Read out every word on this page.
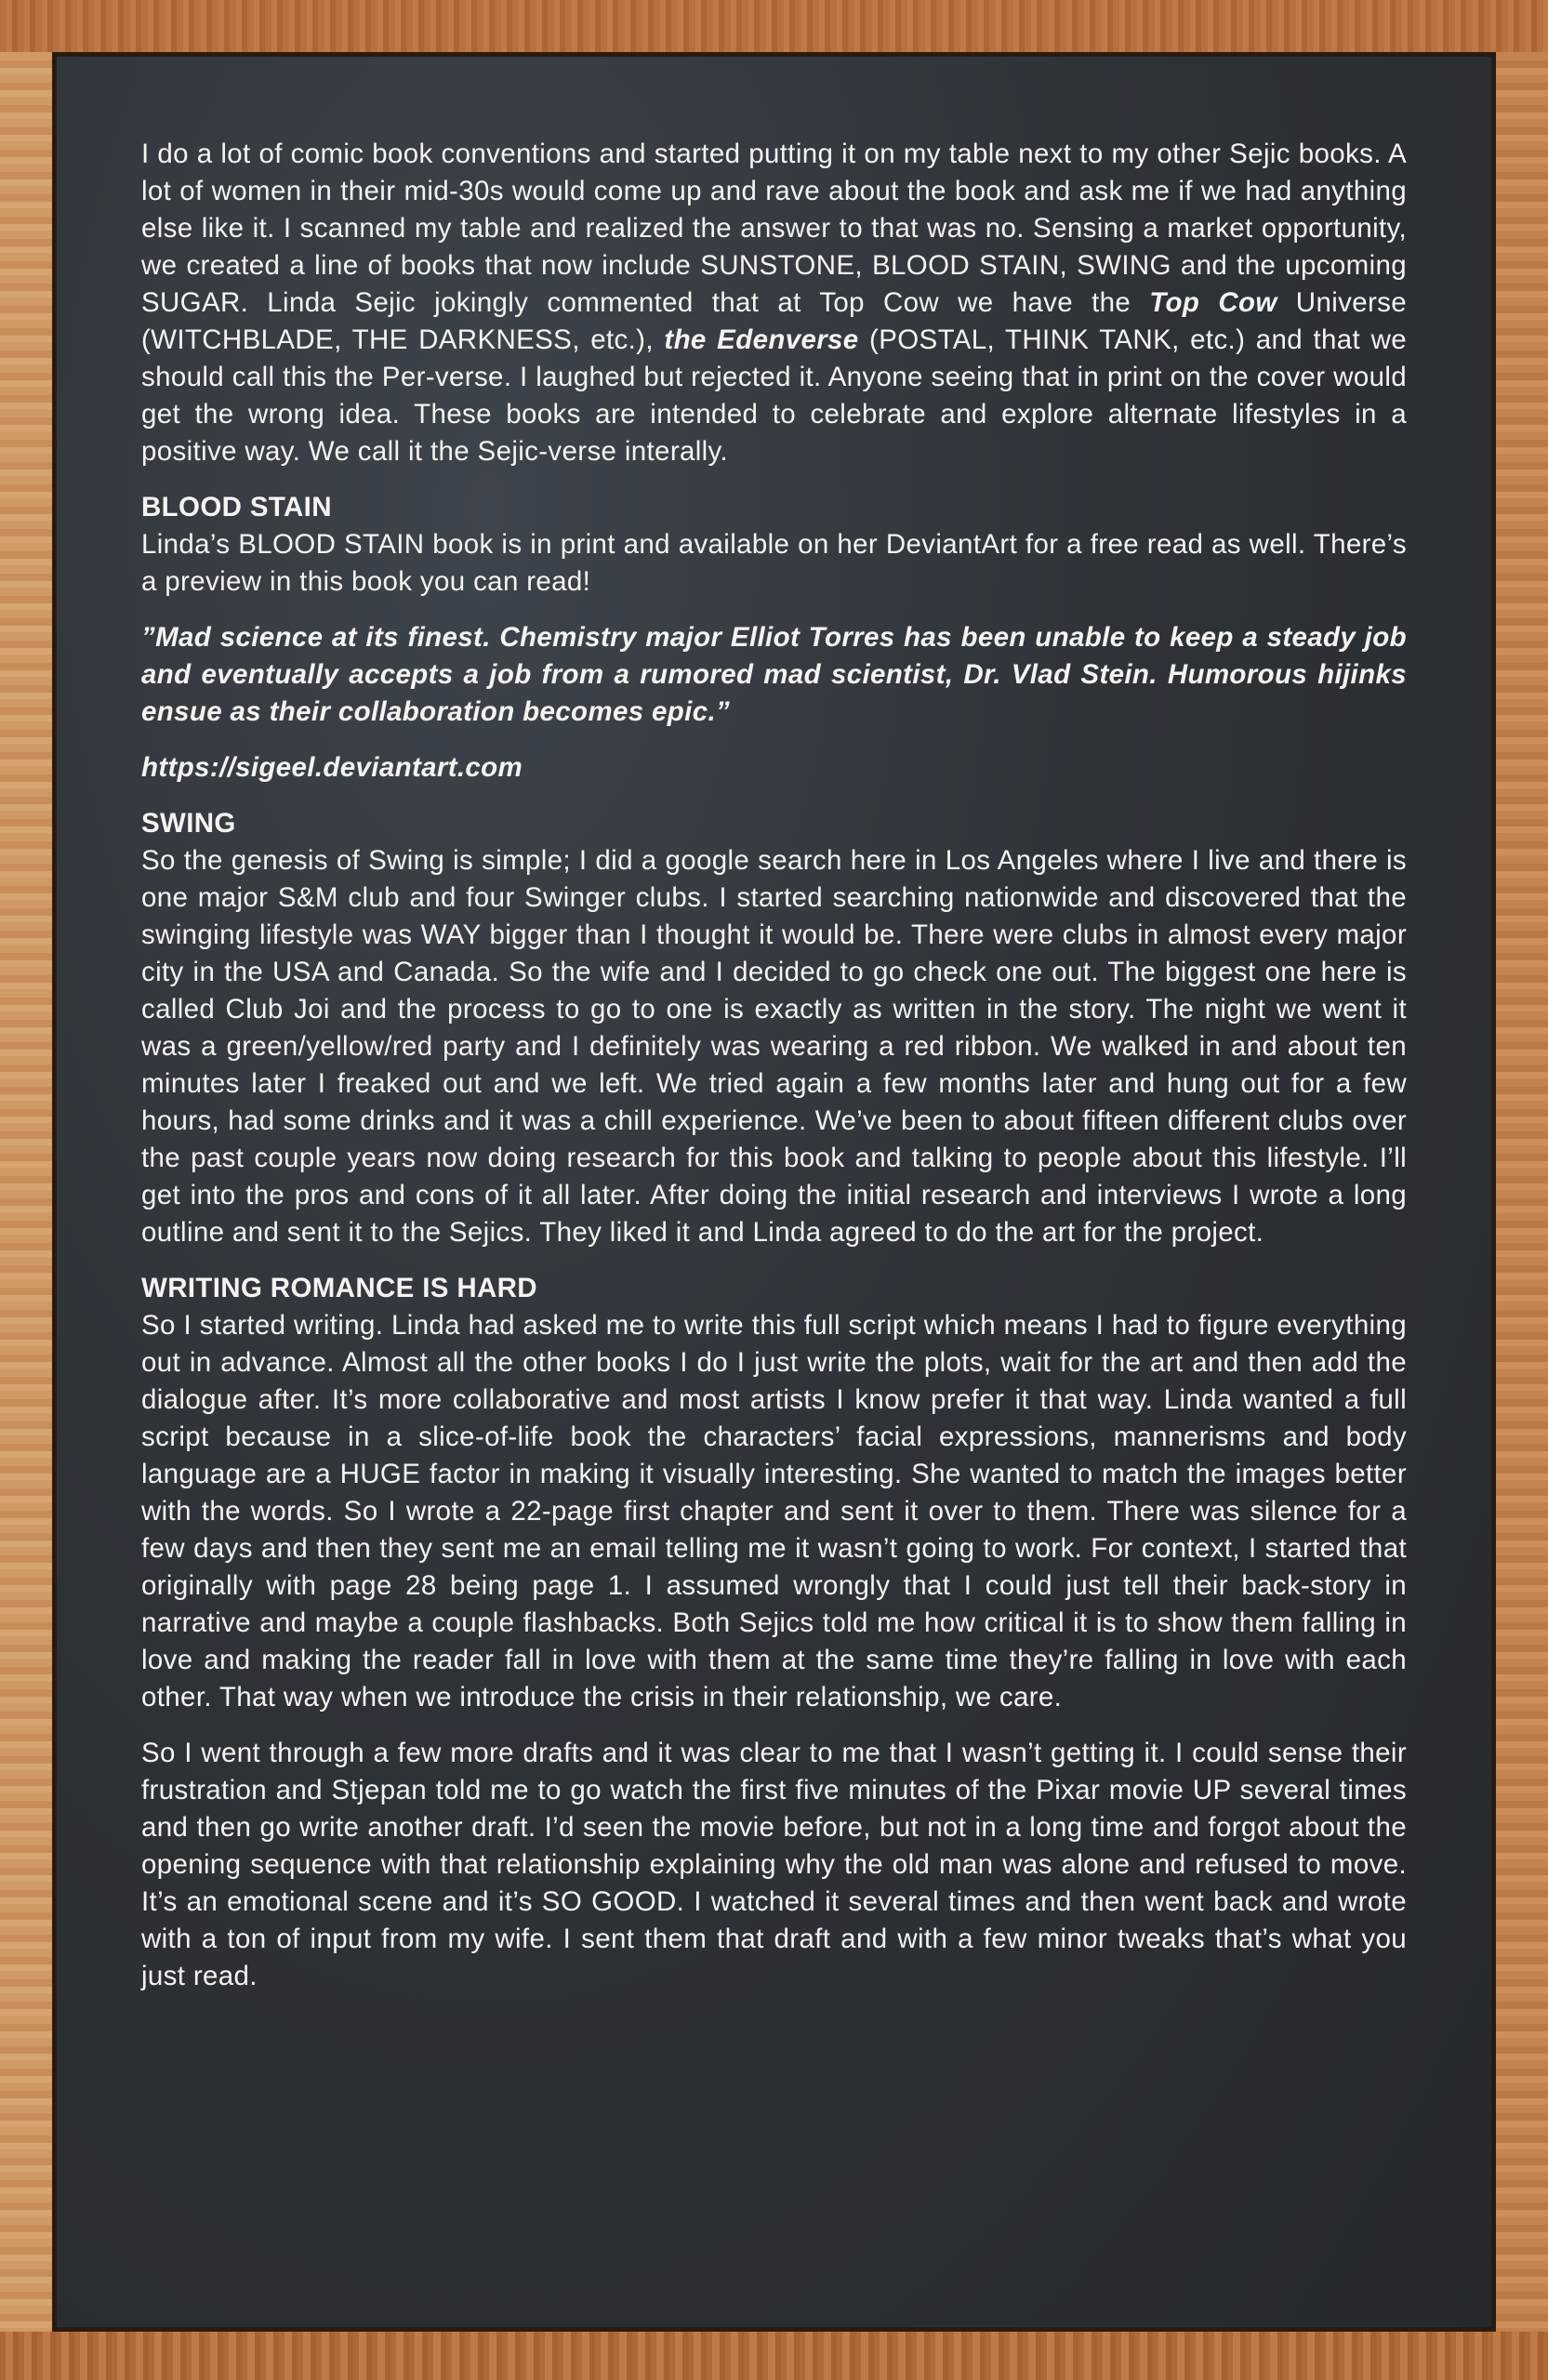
I do a lot of comic book conventions and started putting it on my table next to my other Sejic books. A lot of women in their mid-30s would come up and rave about the book and ask me if we had anything else like it. I scanned my table and realized the answer to that was no. Sensing a market opportunity, we created a line of books that now include SUNSTONE, BLOOD STAIN, SWING and the upcoming SUGAR. Linda Sejic jokingly commented that at Top Cow we have the Top Cow Universe (WITCHBLADE, THE DARKNESS, etc.), the Edenverse (POSTAL, THINK TANK, etc.) and that we should call this the Per-verse. I laughed but rejected it. Anyone seeing that in print on the cover would get the wrong idea. These books are intended to celebrate and explore alternate lifestyles in a positive way. We call it the Sejic-verse interally.

BLOOD STAIN

Linda’s BLOOD STAIN book is in print and available on her DeviantArt for a free read as well. There’s a preview in this book you can read!

”Mad science at its finest. Chemistry major Elliot Torres has been unable to keep a steady job and eventually accepts a job from a rumored mad scientist, Dr. Vlad Stein. Humorous hijinks ensue as their collaboration becomes epic.”

https://sigeel.deviantart.com

SWING

So the genesis of Swing is simple; I did a google search here in Los Angeles where I live and there is one major S&M club and four Swinger clubs. I started searching nationwide and discovered that the swinging lifestyle was WAY bigger than I thought it would be. There were clubs in almost every major city in the USA and Canada. So the wife and I decided to go check one out. The biggest one here is called Club Joi and the process to go to one is exactly as written in the story. The night we went it was a green/yellow/red party and I definitely was wearing a red ribbon. We walked in and about ten minutes later I freaked out and we left. We tried again a few months later and hung out for a few hours, had some drinks and it was a chill experience. We’ve been to about fifteen different clubs over the past couple years now doing research for this book and talking to people about this lifestyle. I’ll get into the pros and cons of it all later. After doing the initial research and interviews I wrote a long outline and sent it to the Sejics. They liked it and Linda agreed to do the art for the project.

WRITING ROMANCE IS HARD

So I started writing. Linda had asked me to write this full script which means I had to figure everything out in advance. Almost all the other books I do I just write the plots, wait for the art and then add the dialogue after. It’s more collaborative and most artists I know prefer it that way. Linda wanted a full script because in a slice-of-life book the characters’ facial expressions, mannerisms and body language are a HUGE factor in making it visually interesting. She wanted to match the images better with the words. So I wrote a 22-page first chapter and sent it over to them. There was silence for a few days and then they sent me an email telling me it wasn’t going to work. For context, I started that originally with page 28 being page 1. I assumed wrongly that I could just tell their back-story in narrative and maybe a couple flashbacks. Both Sejics told me how critical it is to show them falling in love and making the reader fall in love with them at the same time they’re falling in love with each other. That way when we introduce the crisis in their relationship, we care.

So I went through a few more drafts and it was clear to me that I wasn’t getting it. I could sense their frustration and Stjepan told me to go watch the first five minutes of the Pixar movie UP several times and then go write another draft. I’d seen the movie before, but not in a long time and forgot about the opening sequence with that relationship explaining why the old man was alone and refused to move. It’s an emotional scene and it’s SO GOOD. I watched it several times and then went back and wrote with a ton of input from my wife. I sent them that draft and with a few minor tweaks that’s what you just read.
